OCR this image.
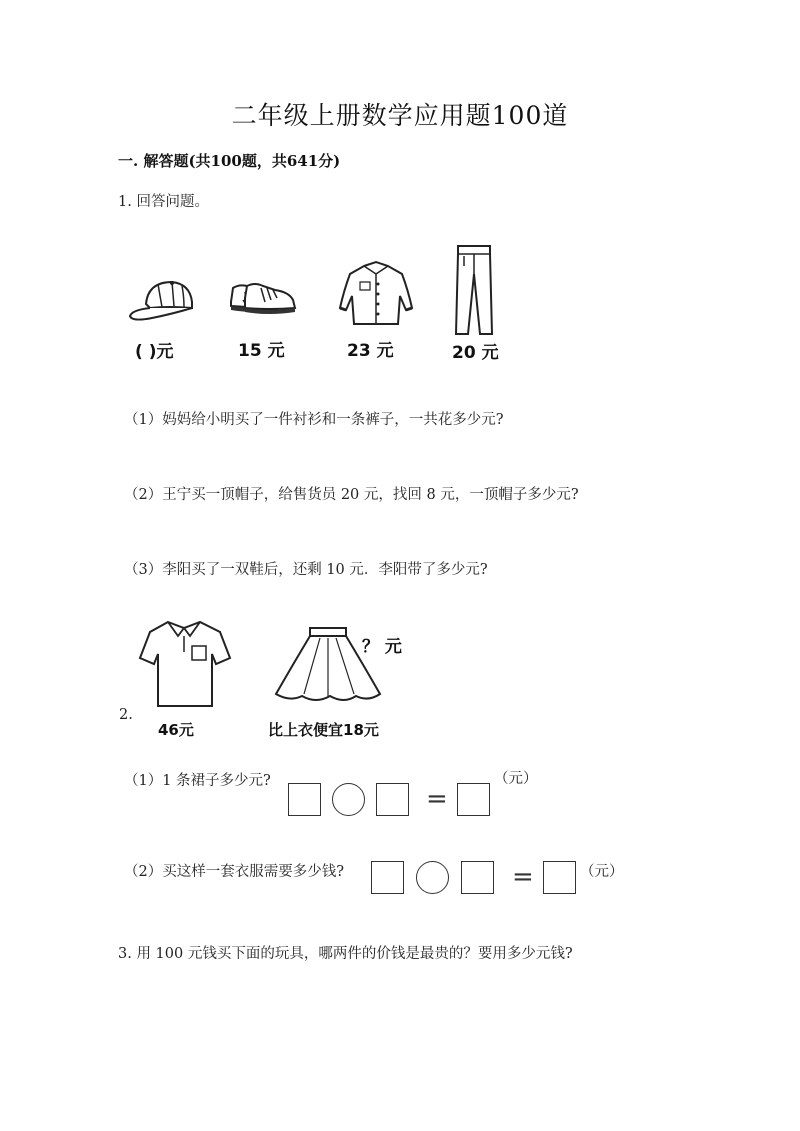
二年级上册数学应用题100道
一. 解答题(共100题，共641分)
1. 回答问题。
( )元	15 元	23 元	20 元
（1）妈妈给小明买了一件衬衫和一条裤子，一共花多少元?
（2）王宁买一顶帽子，给售货员 20 元，找回 8 元，一顶帽子多少元?
（3）李阳买了一双鞋后，还剩 10 元．李阳带了多少元?
46元
？ 元
比上衣便宜18元
2.
（1）1 条裙子多少元?
=
（元）
（2）买这样一套衣服需要多少钱?	=	（元）
3. 用 100 元钱买下面的玩具，哪两件的价钱是最贵的？要用多少元钱?
